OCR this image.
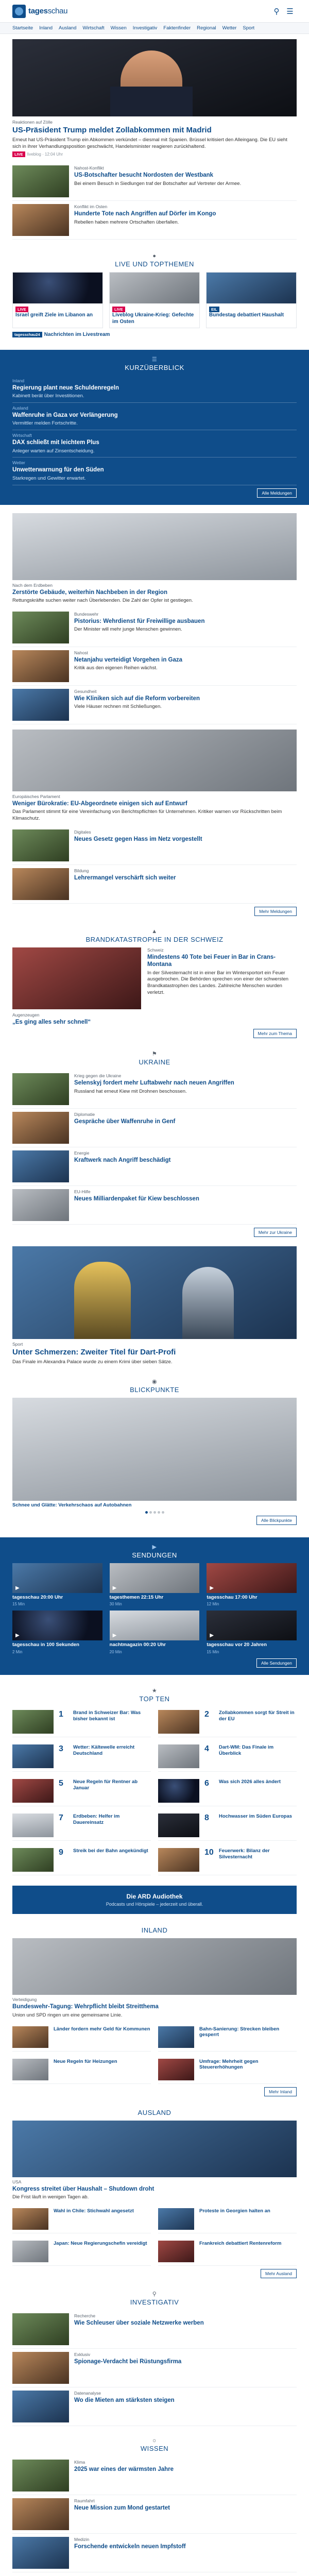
tagesschau	⚲ ☰
Startseite Inland Ausland Wirtschaft Wissen Investigativ Faktenfinder Regional Wetter Sport
Reaktionen auf Zölle
US-Präsident Trump meldet Zollabkommen mit Madrid
Erneut hat US-Präsident Trump ein Abkommen verkündet – diesmal mit Spanien. Brüssel kritisiert den Alleingang. Die EU sieht sich in ihrer Verhandlungsposition geschwächt, Handelsminister reagieren zurückhaltend.
LIVE liveblog · 12:04 Uhr
Nahost-Konflikt
US-Botschafter besucht Nordosten der Westbank
Bei einem Besuch in Siedlungen traf der Botschafter auf Vertreter der Armee.
Konflikt im Osten
Hunderte Tote nach Angriffen auf Dörfer im Kongo
Rebellen haben mehrere Ortschaften überfallen.
●
LIVE UND TOPTHEMEN
LIVE
Israel greift Ziele im Libanon an
LIVE
Liveblog Ukraine-Krieg: Gefechte im Osten
EIL
Bundestag debattiert Haushalt
tagesschau24 Nachrichten im Livestream
☰
KURZÜBERBLICK
Inland
Regierung plant neue Schuldenregeln
Kabinett berät über Investitionen.
Ausland
Waffenruhe in Gaza vor Verlängerung
Vermittler melden Fortschritte.
Wirtschaft
DAX schließt mit leichtem Plus
Anleger warten auf Zinsentscheidung.
Wetter
Unwetterwarnung für den Süden
Starkregen und Gewitter erwartet.
Alle Meldungen
Nach dem Erdbeben
Zerstörte Gebäude, weiterhin Nachbeben in der Region
Rettungskräfte suchen weiter nach Überlebenden. Die Zahl der Opfer ist gestiegen.
Bundeswehr
Pistorius: Wehrdienst für Freiwillige ausbauen
Der Minister will mehr junge Menschen gewinnen.
Nahost
Netanjahu verteidigt Vorgehen in Gaza
Kritik aus den eigenen Reihen wächst.
Gesundheit
Wie Kliniken sich auf die Reform vorbereiten
Viele Häuser rechnen mit Schließungen.
Europäisches Parlament
Weniger Bürokratie: EU-Abgeordnete einigen sich auf Entwurf
Das Parlament stimmt für eine Vereinfachung von Berichtspflichten für Unternehmen. Kritiker warnen vor Rückschritten beim Klimaschutz.
Digitales
Neues Gesetz gegen Hass im Netz vorgestellt
Bildung
Lehrermangel verschärft sich weiter
Mehr Meldungen
▲
BRANDKATASTROPHE IN DER SCHWEIZ
Schweiz
Mindestens 40 Tote bei Feuer in Bar in Crans-Montana
In der Silvesternacht ist in einer Bar im Wintersportort ein Feuer ausgebrochen. Die Behörden sprechen von einer der schwersten Brandkatastrophen des Landes. Zahlreiche Menschen wurden verletzt.
Augenzeugen
„Es ging alles sehr schnell“
Mehr zum Thema
⚑
UKRAINE
Krieg gegen die Ukraine
Selenskyj fordert mehr Luftabwehr nach neuen Angriffen
Russland hat erneut Kiew mit Drohnen beschossen.
Diplomatie
Gespräche über Waffenruhe in Genf
Energie
Kraftwerk nach Angriff beschädigt
EU-Hilfe
Neues Milliardenpaket für Kiew beschlossen
Mehr zur Ukraine
Sport
Unter Schmerzen: Zweiter Titel für Dart-Profi
Das Finale im Alexandra Palace wurde zu einem Krimi über sieben Sätze.
◉
BLICKPUNKTE
Schnee und Glätte: Verkehrschaos auf Autobahnen
Alle Blickpunkte
▶
SENDUNGEN
▶
tagesschau 20:00 Uhr
15 Min
▶
tagesthemen 22:15 Uhr
30 Min
▶
tagesschau 17:00 Uhr
12 Min
▶
tagesschau in 100 Sekunden
2 Min
▶
nachtmagazin 00:20 Uhr
20 Min
▶
tagesschau vor 20 Jahren
15 Min
Alle Sendungen
★
TOP TEN
1	Brand in Schweizer Bar: Was bisher bekannt ist
2	Zollabkommen sorgt für Streit in der EU
3	Wetter: Kältewelle erreicht Deutschland
4	Dart-WM: Das Finale im Überblick
5	Neue Regeln für Rentner ab Januar
6	Was sich 2026 alles ändert
7	Erdbeben: Helfer im Dauereinsatz
8	Hochwasser im Süden Europas
9	Streik bei der Bahn angekündigt	10 Feuerwerk: Bilanz der Silvesternacht
Die ARD Audiothek
Podcasts und Hörspiele – jederzeit und überall.
INLAND
Verteidigung
Bundeswehr-Tagung: Wehrpflicht bleibt Streitthema
Union und SPD ringen um eine gemeinsame Linie.
Länder fordern mehr Geld für Kommunen	Bahn-Sanierung: Strecken bleiben gesperrt
Neue Regeln für Heizungen	Umfrage: Mehrheit gegen Steuererhöhungen
Mehr Inland
AUSLAND
USA
Kongress streitet über Haushalt – Shutdown droht
Die Frist läuft in wenigen Tagen ab.
Wahl in Chile: Stichwahl angesetzt	Proteste in Georgien halten an
Japan: Neue Regierungschefin vereidigt	Frankreich debattiert Rentenreform
Mehr Ausland
⚲
INVESTIGATIV
Recherche
Wie Schleuser über soziale Netzwerke werben
Exklusiv
Spionage-Verdacht bei Rüstungsfirma
Datenanalyse
Wo die Mieten am stärksten steigen
☼
WISSEN
Klima
2025 war eines der wärmsten Jahre
Raumfahrt
Neue Mission zum Mond gestartet
Medizin
Forschende entwickeln neuen Impfstoff
